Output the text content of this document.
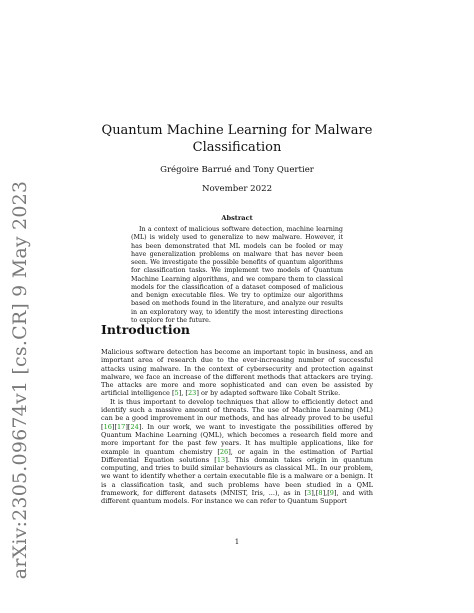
arXiv:2305.09674v1 [cs.CR] 9 May 2023
Quantum Machine Learning for Malware
Classification

Grégoire Barrué and Tony Quertier

November 2022

Abstract

In a context of malicious software detection, machine learning (ML) is widely used to generalize to new malware. However, it has been demonstrated that ML models can be fooled or may have generalization problems on malware that has never been seen. We investigate the possible benefits of quantum algorithms for classification tasks. We implement two models of Quantum Machine Learning algorithms, and we compare them to classical models for the classification of a dataset composed of malicious and benign executable files. We try to optimize our algorithms based on methods found in the literature, and analyze our results in an exploratory way, to identify the most interesting directions to explore for the future.

Introduction

Malicious software detection has become an important topic in business, and an important area of research due to the ever-increasing number of successful attacks using malware. In the context of cybersecurity and protection against malware, we face an increase of the different methods that attackers are trying. The attacks are more and more sophisticated and can even be assisted by artificial intelligence [5], [23] or by adapted software like Cobalt Strike.

It is thus important to develop techniques that allow to efficiently detect and identify such a massive amount of threats. The use of Machine Learning (ML) can be a good improvement in our methods, and has already proved to be useful [16][17][24]. In our work, we want to investigate the possibilities offered by Quantum Machine Learning (QML), which becomes a research field more and more important for the past few years. It has multiple applications, like for example in quantum chemistry [26], or again in the estimation of Partial Differential Equation solutions [13]. This domain takes origin in quantum computing, and tries to build similar behaviours as classical ML. In our problem, we want to identify whether a certain executable file is a malware or a benign. It is a classification task, and such problems have been studied in a QML framework, for different datasets (MNIST, Iris, ...), as in [3],[8],[9], and with different quantum models. For instance we can refer to Quantum Support

1
